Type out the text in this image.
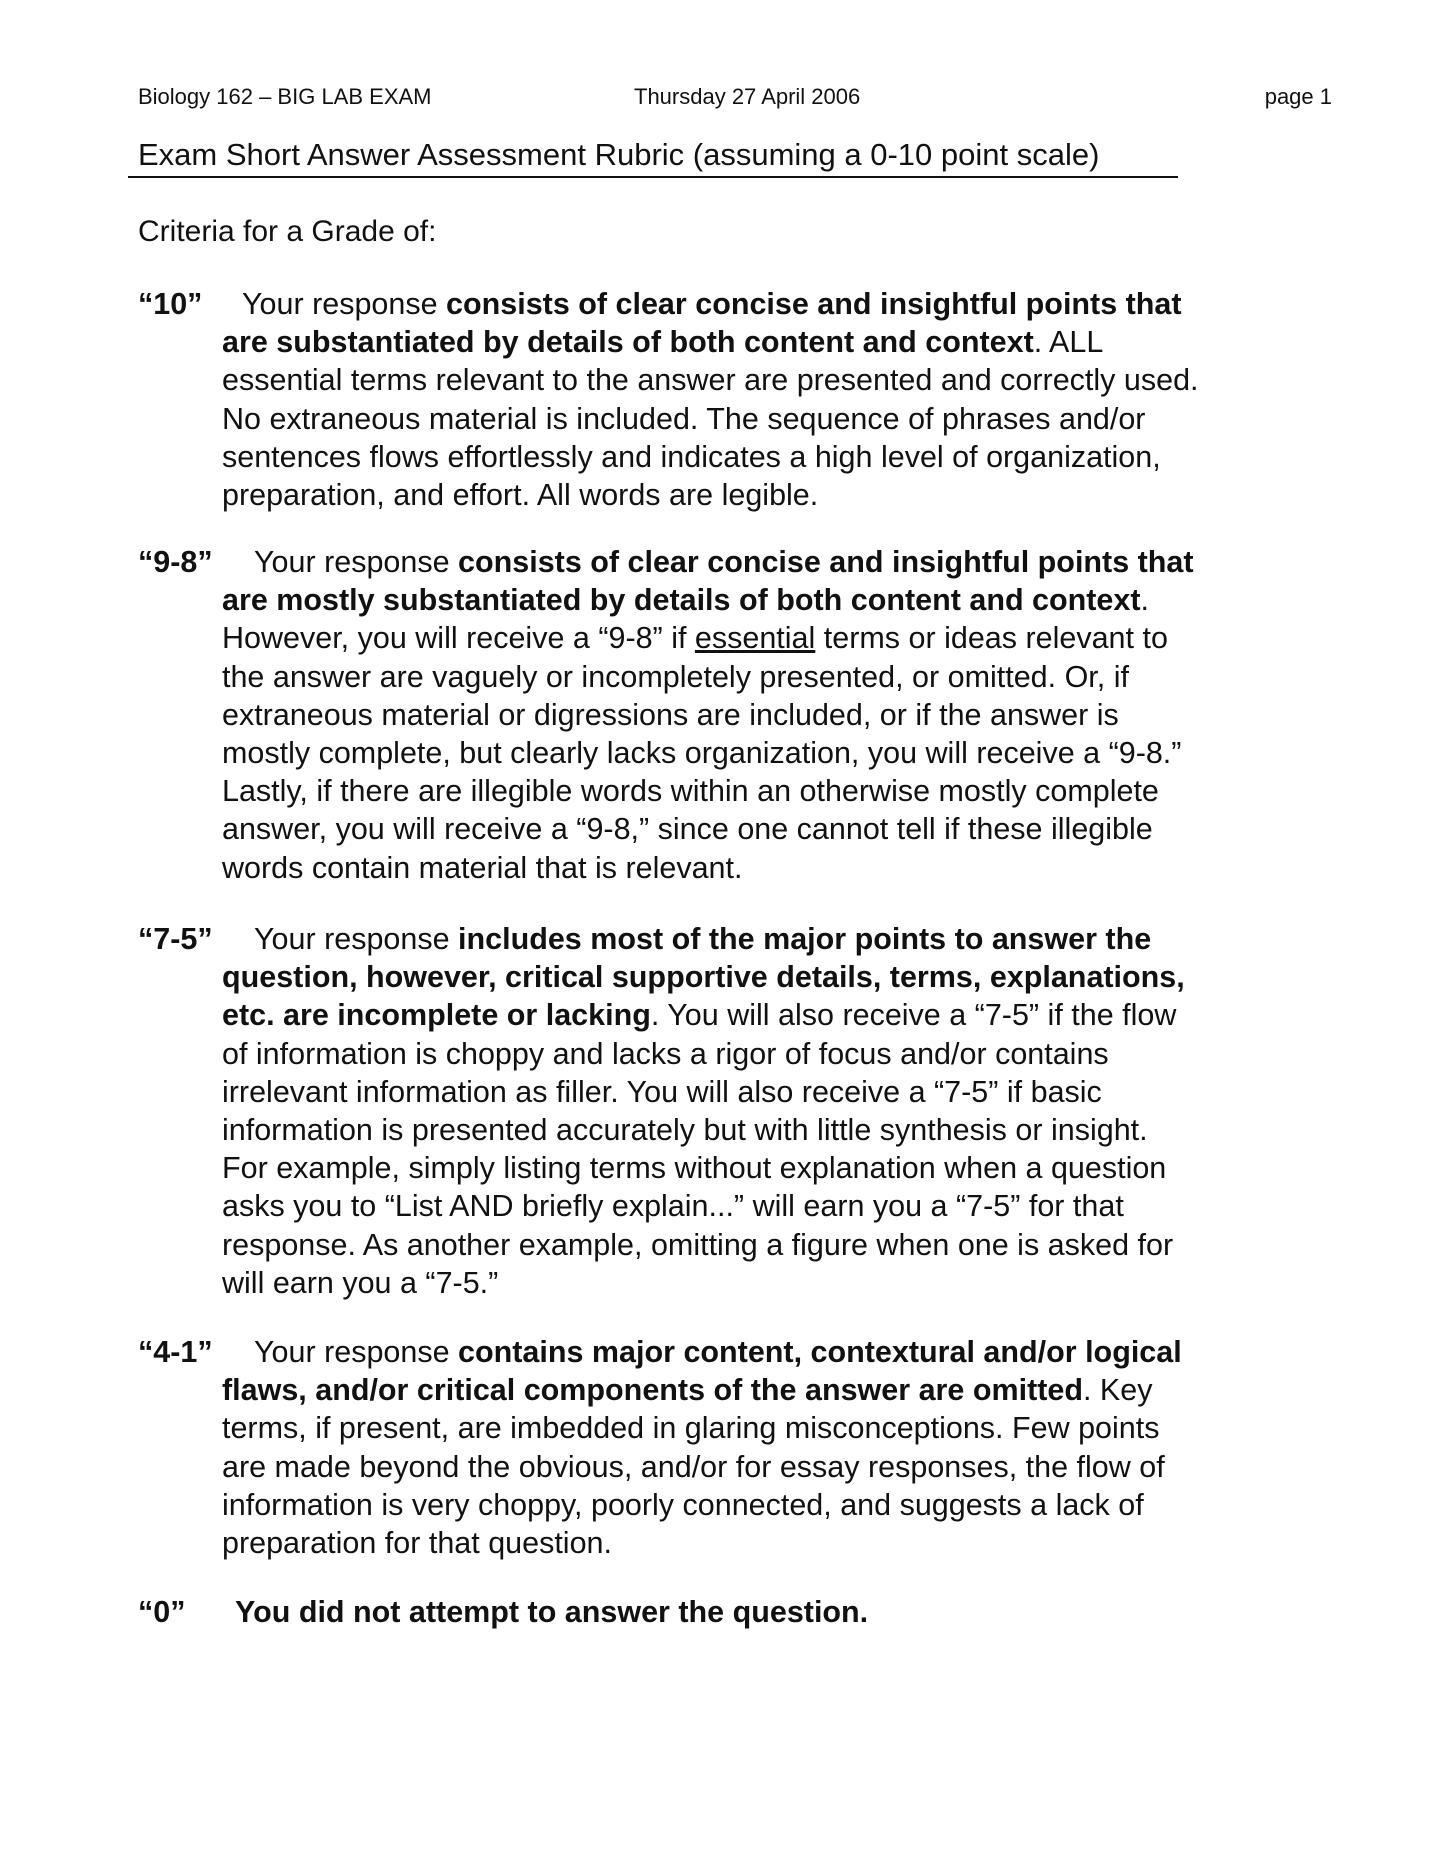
Biology 162 – BIG LAB EXAM	Thursday 27 April 2006	page 1
Exam Short Answer Assessment Rubric (assuming a 0-10 point scale)
Criteria for a Grade of:
“10”	Your response consists of clear concise and insightful points that
are substantiated by details of both content and context. ALL
essential terms relevant to the answer are presented and correctly used.
No extraneous material is included. The sequence of phrases and/or
sentences flows effortlessly and indicates a high level of organization,
preparation, and effort. All words are legible.
“9-8”	Your response consists of clear concise and insightful points that
are mostly substantiated by details of both content and context.
However, you will receive a “9-8” if essential terms or ideas relevant to
the answer are vaguely or incompletely presented, or omitted. Or, if
extraneous material or digressions are included, or if the answer is
mostly complete, but clearly lacks organization, you will receive a “9-8.”
Lastly, if there are illegible words within an otherwise mostly complete
answer, you will receive a “9-8,” since one cannot tell if these illegible
words contain material that is relevant.
“7-5”	Your response includes most of the major points to answer the
question, however, critical supportive details, terms, explanations,
etc. are incomplete or lacking. You will also receive a “7-5” if the flow
of information is choppy and lacks a rigor of focus and/or contains
irrelevant information as filler. You will also receive a “7-5” if basic
information is presented accurately but with little synthesis or insight.
For example, simply listing terms without explanation when a question
asks you to “List AND briefly explain...” will earn you a “7-5” for that
response. As another example, omitting a figure when one is asked for
will earn you a “7-5.”
“4-1”	Your response contains major content, contextural and/or logical
flaws, and/or critical components of the answer are omitted. Key
terms, if present, are imbedded in glaring misconceptions. Few points
are made beyond the obvious, and/or for essay responses, the flow of
information is very choppy, poorly connected, and suggests a lack of
preparation for that question.
“0” You did not attempt to answer the question.
